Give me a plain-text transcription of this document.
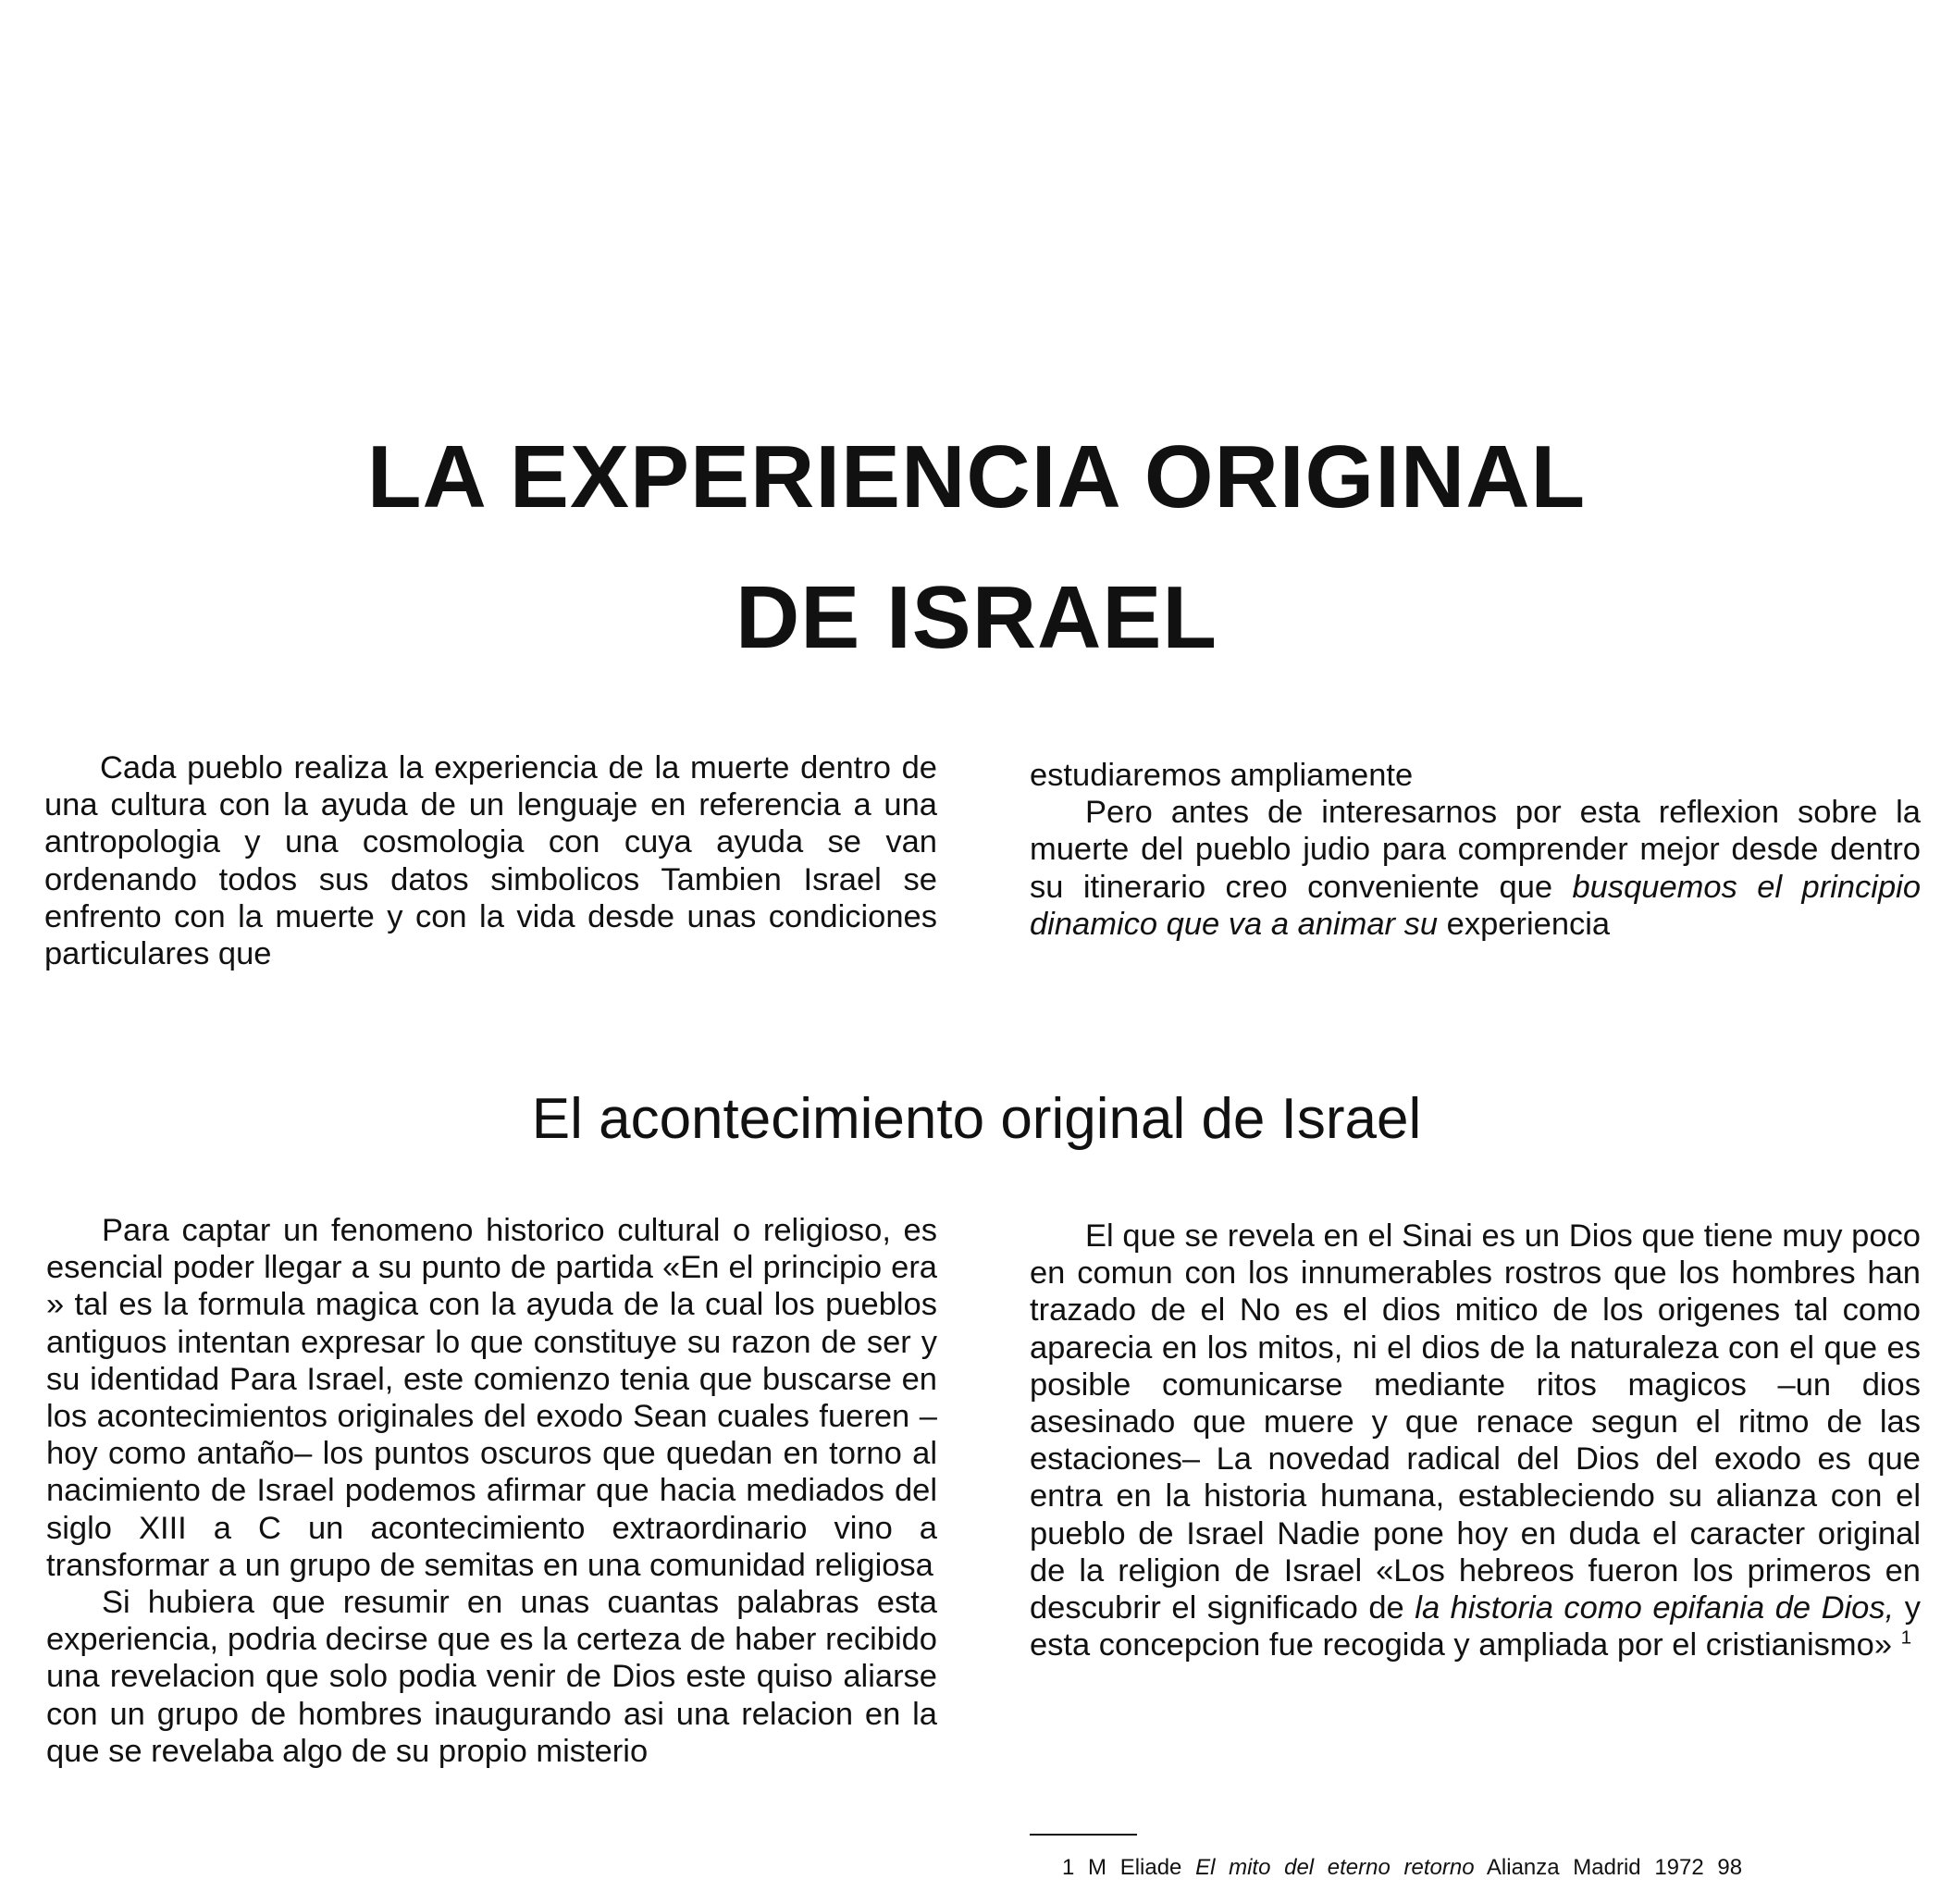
LA EXPERIENCIA ORIGINAL
DE ISRAEL

Cada pueblo realiza la experiencia de la muerte dentro de una cultura con la ayuda de un lenguaje en referencia a una antropologia y una cosmologia con cuya ayuda se van ordenando todos sus datos simbolicos Tambien Israel se enfrento con la muerte y con la vida desde unas condiciones particulares que

estudiaremos ampliamente

Pero antes de interesarnos por esta reflexion sobre la muerte del pueblo judio para comprender mejor desde dentro su itinerario creo conveniente que busquemos el principio dinamico que va a animar su experiencia

El acontecimiento original de Israel

Para captar un fenomeno historico cultural o religioso, es esencial poder llegar a su punto de partida «En el principio era » tal es la formula magica con la ayuda de la cual los pueblos antiguos intentan expresar lo que constituye su razon de ser y su identidad Para Israel, este comienzo tenia que buscarse en los acontecimientos originales del exodo Sean cuales fueren –hoy como antaño– los puntos oscuros que quedan en torno al nacimiento de Israel podemos afirmar que hacia mediados del siglo XIII a C un acontecimiento extraordinario vino a transformar a un grupo de semitas en una comunidad religiosa

Si hubiera que resumir en unas cuantas palabras esta experiencia, podria decirse que es la certeza de haber recibido una revelacion que solo podia venir de Dios este quiso aliarse con un grupo de hombres inaugurando asi una relacion en la que se revelaba algo de su propio misterio

El que se revela en el Sinai es un Dios que tiene muy poco en comun con los innumerables rostros que los hombres han trazado de el No es el dios mitico de los origenes tal como aparecia en los mitos, ni el dios de la naturaleza con el que es posible comunicarse mediante ritos magicos –un dios asesinado que muere y que renace segun el ritmo de las estaciones– La novedad radical del Dios del exodo es que entra en la historia humana, estableciendo su alianza con el pueblo de Israel Nadie pone hoy en duda el caracter original de la religion de Israel «Los hebreos fueron los primeros en descubrir el significado de la historia como epifania de Dios, y esta concepcion fue recogida y ampliada por el cristianismo» $^1$

1 M Eliade El mito del eterno retorno Alianza Madrid 1972 98
